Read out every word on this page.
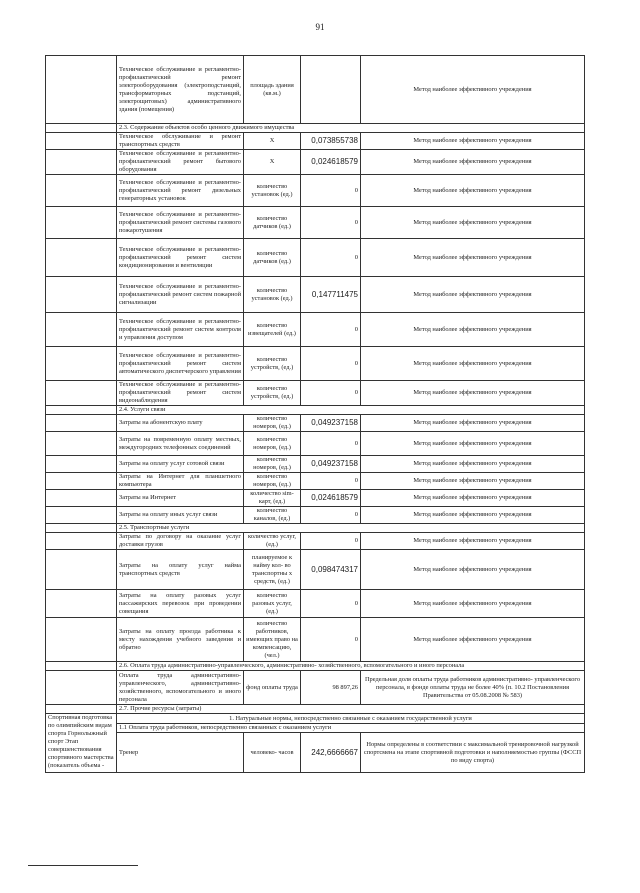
91
	Техническое обслуживание и регламентно- профилактический ремонт электрооборудования (электроподстанций, трансформаторных подстанций, электрощитовых) административного здания (помещения)	площадь здания (кв.м.)		Метод наиболее эффективного учреждения
	2.3. Содержание объектов особо ценного движимого имущества			
	Техническое обслуживание и ремонт транспортных средств	X	0,073855738	Метод наиболее эффективного учреждения
	Техническое обслуживание и регламентно- профилактический ремонт бытового оборудования	X	0,024618579	Метод наиболее эффективного учреждения
	Техническое обслуживание и регламентно- профилактический ремонт дизельных генераторных установок	количество установок (ед.)	0	Метод наиболее эффективного учреждения
	Техническое обслуживание и регламентно- профилактический ремонт системы газового пожаротушения	количество датчиков (ед.)	0	Метод наиболее эффективного учреждения
	Техническое обслуживание и регламентно- профилактический ремонт систем кондиционирования и вентиляции	количество датчиков (ед.)	0	Метод наиболее эффективного учреждения
	Техническое обслуживание и регламентно- профилактический ремонт систем пожарной сигнализации	количество установок (ед.)	0,147711475	Метод наиболее эффективного учреждения
	Техническое обслуживание и регламентно- профилактический ремонт систем контроля и управления доступом	количество извещателей (ед.)	0	Метод наиболее эффективного учреждения
	Техническое обслуживание и регламентно- профилактический ремонт систем автоматического диспетчерского управления	количество устройств, (ед.)	0	Метод наиболее эффективного учреждения
	Техническое обслуживание и регламентно- профилактический ремонт систем видеонаблюдения	количество устройств, (ед.)	0	Метод наиболее эффективного учреждения
	2.4. Услуги связи			
	Затраты на абонентскую плату	количество номеров, (ед.)	0,049237158	Метод наиболее эффективного учреждения
	Затраты на повременную оплату местных, междугородних телефонных соединений	количество номеров, (ед.)	0	Метод наиболее эффективного учреждения
	Затраты на оплату услуг сотовой связи	количество номеров, (ед.)	0,049237158	Метод наиболее эффективного учреждения
	Затраты на Интернет для планшетного компьютера	количество номеров, (ед.)	0	Метод наиболее эффективного учреждения
	Затраты на Интернет	количество sim-карт, (ед.)	0,024618579	Метод наиболее эффективного учреждения
	Затраты на оплату иных услуг связи	количество каналов, (ед.)	0	Метод наиболее эффективного учреждения
	2.5. Транспортные услуги			
	Затраты по договору на оказание услуг доставки грузов	количество услуг, (ед.)	0	Метод наиболее эффективного учреждения
	Затраты на оплату услуг найма транспортных средств	планируемое к найму кол- во транспортны х средств, (ед.)	0,098474317	Метод наиболее эффективного учреждения
	Затраты на оплату разовых услуг пассажирских перевозок при проведении совещания	количество разовых услуг, (ед.)	0	Метод наиболее эффективного учреждения
	Затраты на оплату проезда работника к месту нахождения учебного заведения и обратно	количество работников, имеющих право на компенсацию, (чел.)	0	Метод наиболее эффективного учреждения
	2.6. Оплата труда административно-управленческого, административно- хозяйственного, вспомогательного и иного персонала			
	Оплата труда административно- управленческого, административно- хозяйственного, вспомогательного и иного персонала	фонд оплаты труда	98 897,26	Предельная доля оплаты труда работников административно- управленческого персонала, в фонде оплаты труда не более 40% (п. 10.2 Постановления Правительства от 05.08.2008 № 583)
	2.7. Прочие ресурсы (затраты)			
Спортивная подготовка по олимпийским видам спорта Горнолыжный спорт Этап совершенствования спортивного мастерства (показатель объема -	1. Натуральные нормы, непосредственно связанные с оказанием государственной услуги			
	1.1 Оплата труда работников, непосредственно связанных с оказанием услуги			
	Тренер	человеко- часов	242,6666667	Нормы определены в соответствии с максимальной тренировочной нагрузкой спортсмена на этапе спортивной подготовки и наполняемостью группы (ФССП по виду спорта)
